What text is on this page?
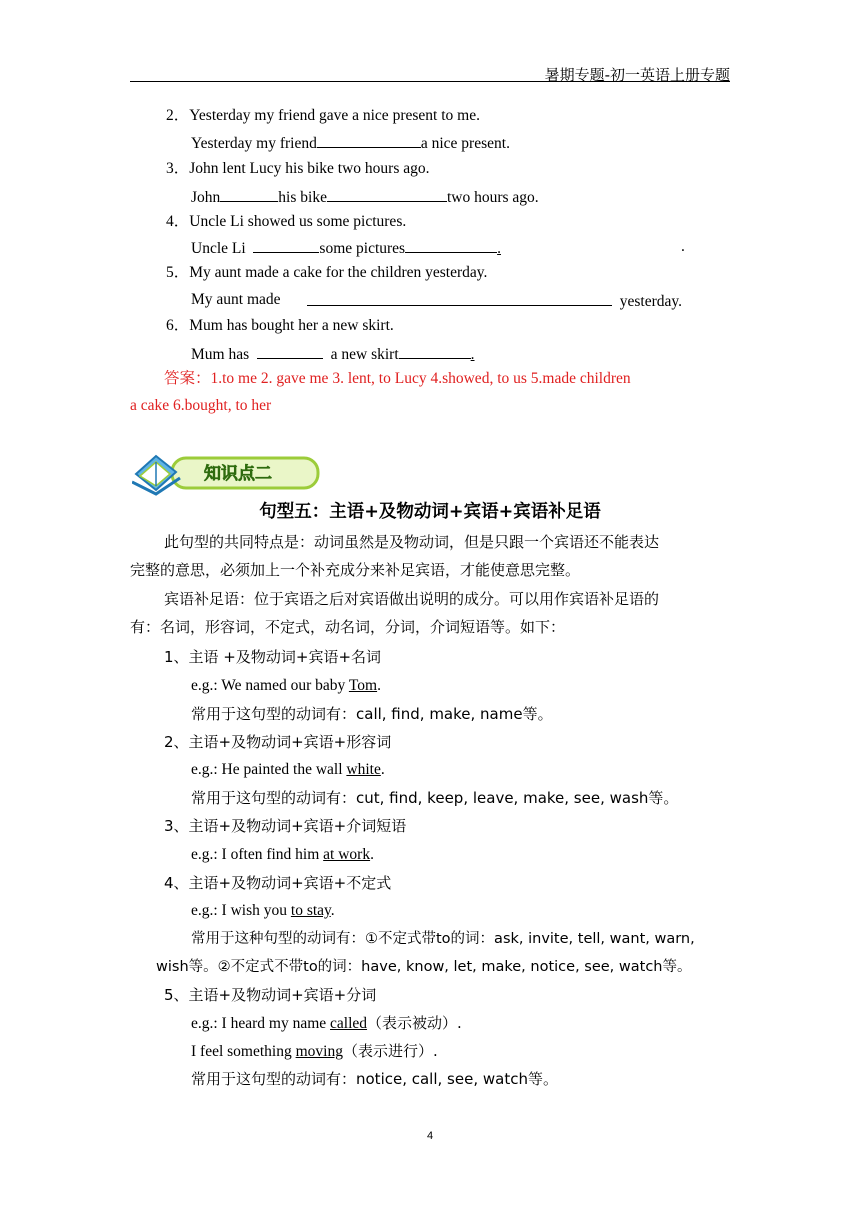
暑期专题-初一英语上册专题
2．Yesterday my friend gave a nice present to me.
Yesterday my friend	a nice present.
3．John lent Lucy his bike two hours ago.
John	his bike	two hours ago.
4．Uncle Li showed us some pictures.
Uncle Li	some pictures	.	.
5．My aunt made a cake for the children yesterday.
My aunt made	yesterday.
6．Mum has bought her a new skirt.
Mum has	a new skirt	.
答案：1.to me 2. gave me 3. lent, to Lucy 4.showed, to us 5.made children
a cake 6.bought, to her
知识点二
句型五：主语+及物动词+宾语+宾语补足语
此句型的共同特点是：动词虽然是及物动词，但是只跟一个宾语还不能表达
完整的意思，必须加上一个补充成分来补足宾语，才能使意思完整。
宾语补足语：位于宾语之后对宾语做出说明的成分。可以用作宾语补足语的
有：名词，形容词，不定式，动名词，分词，介词短语等。如下：
1、主语 +及物动词+宾语+名词
e.g.: We named our baby Tom.
常用于这句型的动词有：call, find, make, name等。
2、主语+及物动词+宾语+形容词
e.g.: He painted the wall white.
常用于这句型的动词有：cut, find, keep, leave, make, see, wash等。
3、主语+及物动词+宾语+介词短语
e.g.: I often find him at work.
4、主语+及物动词+宾语+不定式
e.g.: I wish you to stay.
常用于这种句型的动词有：①不定式带to的词：ask, invite, tell, want, warn,
wish等。②不定式不带to的词：have, know, let, make, notice, see, watch等。
5、主语+及物动词+宾语+分词
e.g.: I heard my name called（表示被动）.
I feel something moving（表示进行）.
常用于这句型的动词有：notice, call, see, watch等。
4
